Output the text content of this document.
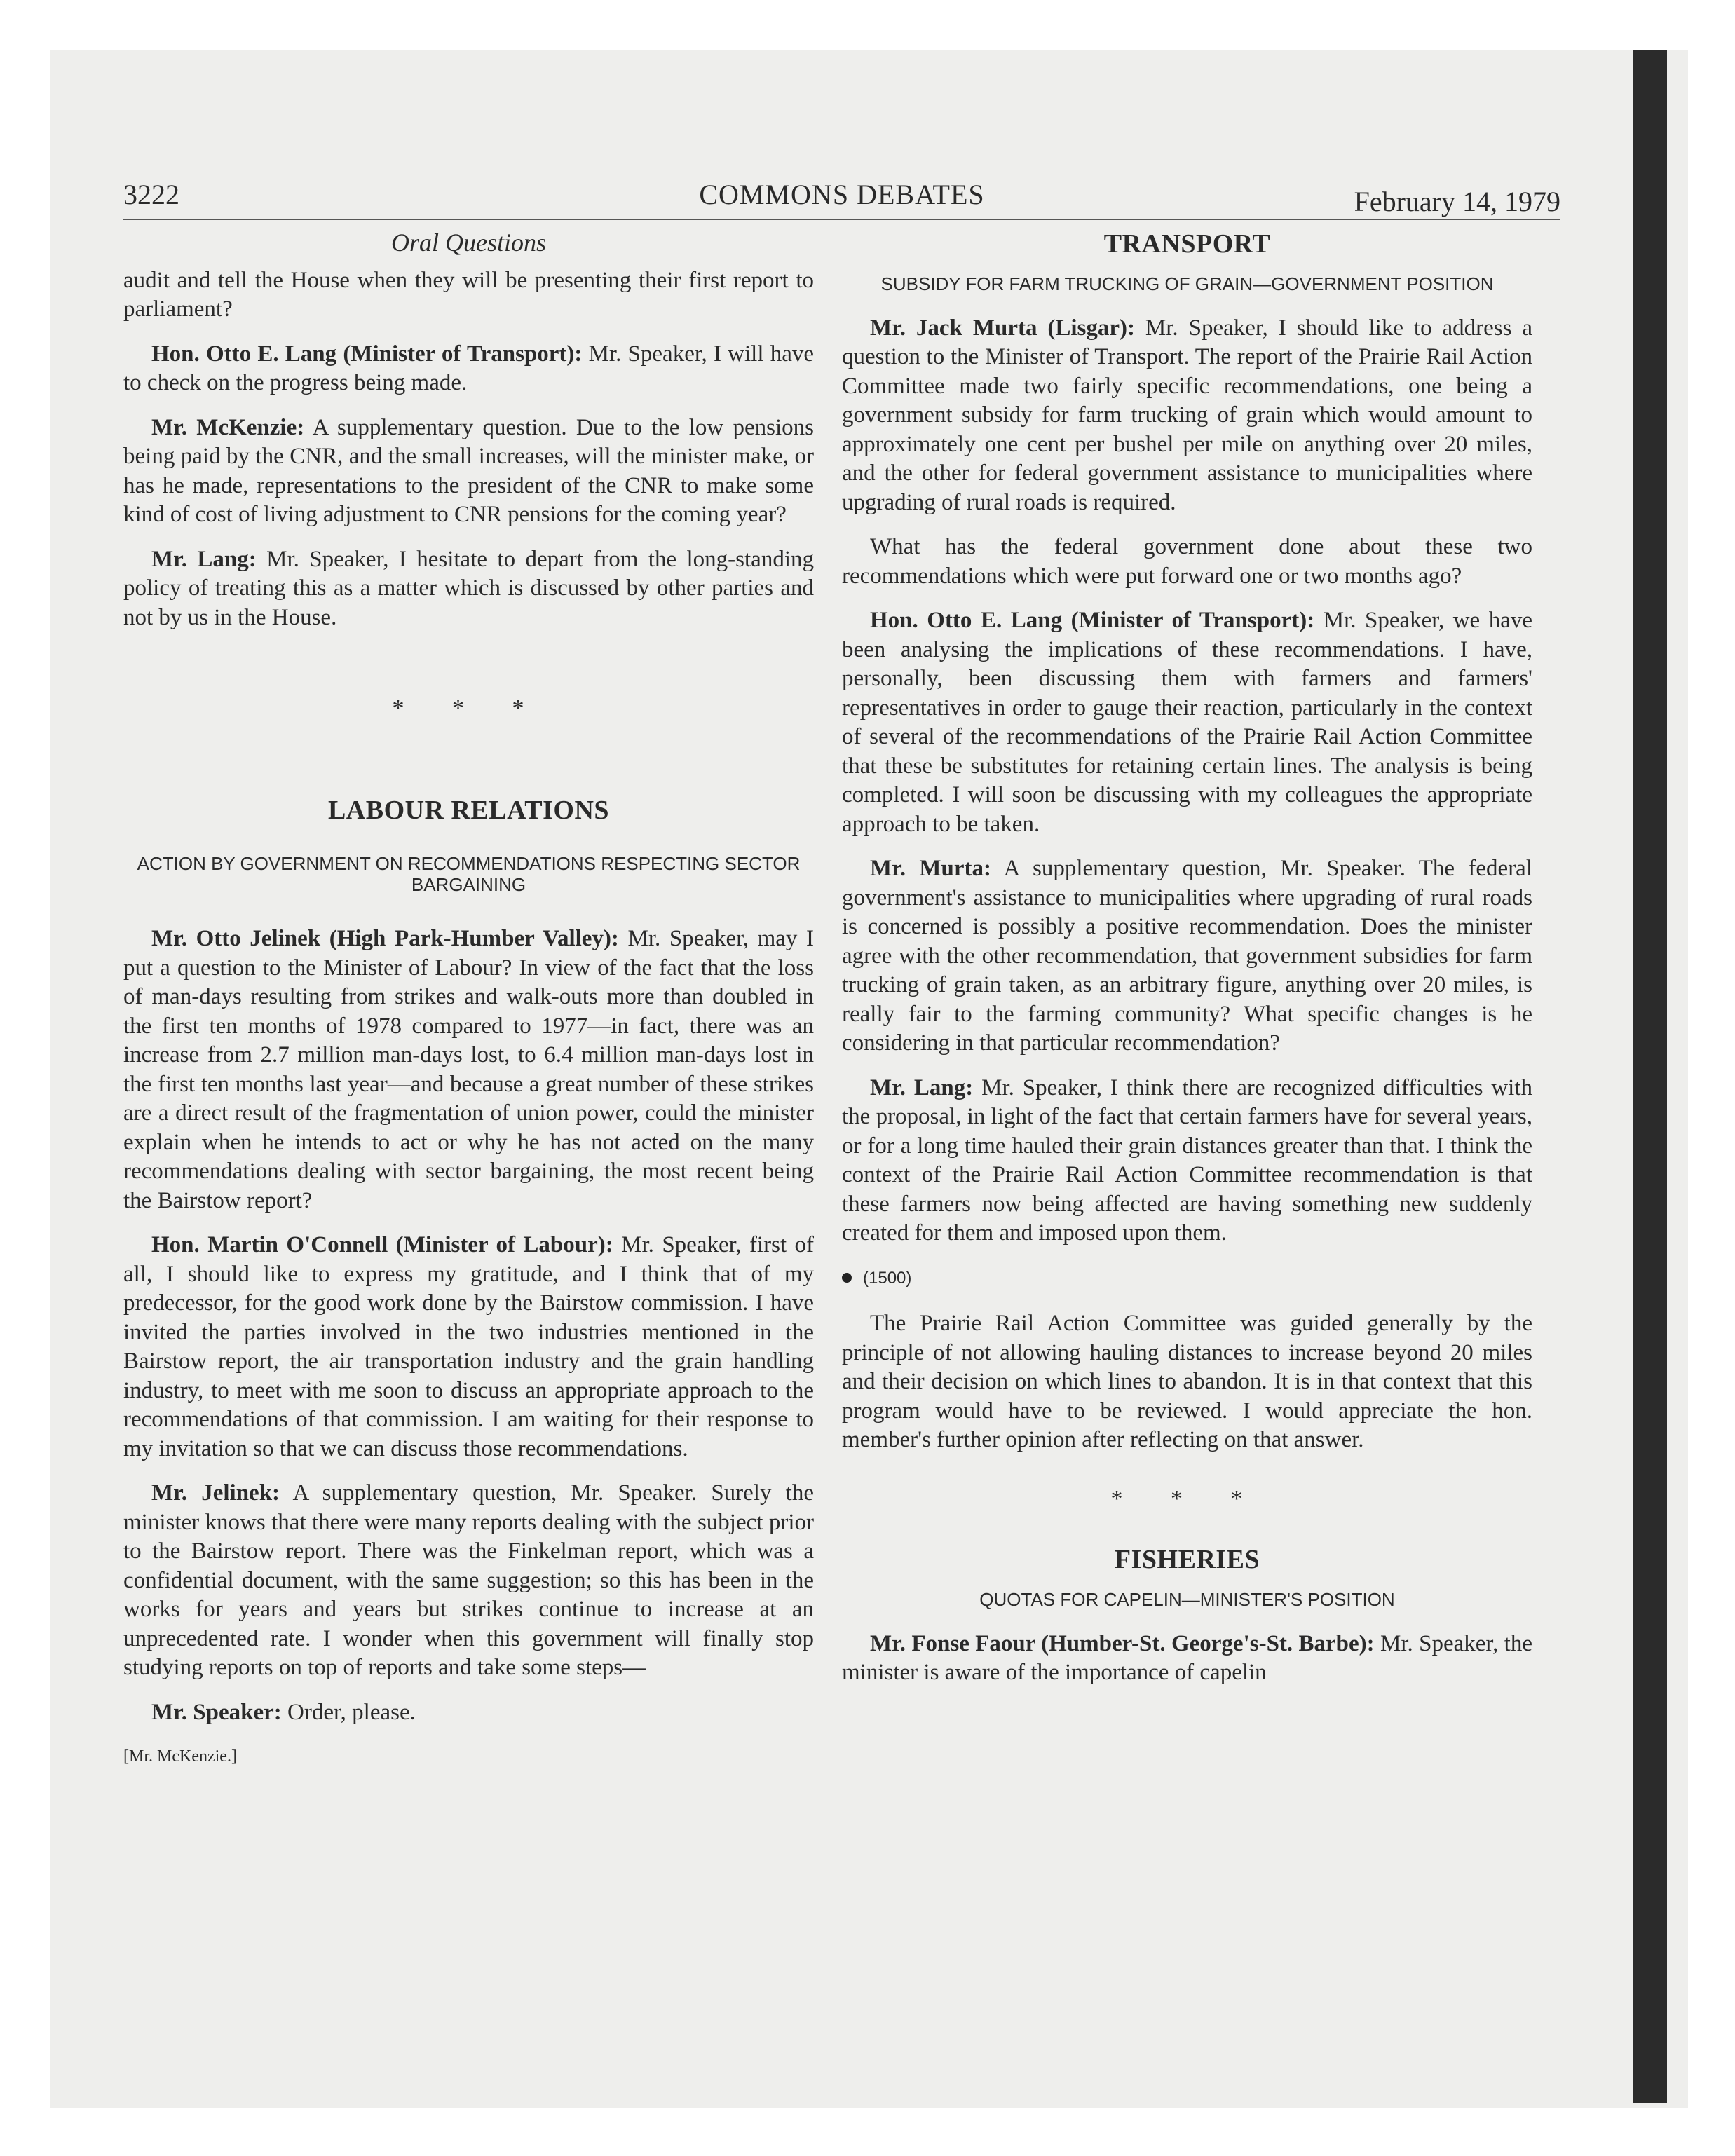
3222	COMMONS DEBATES	February 14, 1979
Oral Questions

audit and tell the House when they will be presenting their first report to parliament?

Hon. Otto E. Lang (Minister of Transport): Mr. Speaker, I will have to check on the progress being made.

Mr. McKenzie: A supplementary question. Due to the low pensions being paid by the CNR, and the small increases, will the minister make, or has he made, representations to the president of the CNR to make some kind of cost of living adjustment to CNR pensions for the coming year?

Mr. Lang: Mr. Speaker, I hesitate to depart from the long-standing policy of treating this as a matter which is discussed by other parties and not by us in the House.

* * *
LABOUR RELATIONS
ACTION BY GOVERNMENT ON RECOMMENDATIONS RESPECTING SECTOR BARGAINING

Mr. Otto Jelinek (High Park-Humber Valley): Mr. Speaker, may I put a question to the Minister of Labour? In view of the fact that the loss of man-days resulting from strikes and walk-outs more than doubled in the first ten months of 1978 compared to 1977—in fact, there was an increase from 2.7 million man-days lost, to 6.4 million man-days lost in the first ten months last year—and because a great number of these strikes are a direct result of the fragmentation of union power, could the minister explain when he intends to act or why he has not acted on the many recommendations dealing with sector bargaining, the most recent being the Bairstow report?

Hon. Martin O'Connell (Minister of Labour): Mr. Speaker, first of all, I should like to express my gratitude, and I think that of my predecessor, for the good work done by the Bairstow commission. I have invited the parties involved in the two industries mentioned in the Bairstow report, the air transportation industry and the grain handling industry, to meet with me soon to discuss an appropriate approach to the recommendations of that commission. I am waiting for their response to my invitation so that we can discuss those recommendations.

Mr. Jelinek: A supplementary question, Mr. Speaker. Surely the minister knows that there were many reports dealing with the subject prior to the Bairstow report. There was the Finkelman report, which was a confidential document, with the same suggestion; so this has been in the works for years and years but strikes continue to increase at an unprecedented rate. I wonder when this government will finally stop studying reports on top of reports and take some steps—

Mr. Speaker: Order, please.

[Mr. McKenzie.]
TRANSPORT
SUBSIDY FOR FARM TRUCKING OF GRAIN—GOVERNMENT POSITION

Mr. Jack Murta (Lisgar): Mr. Speaker, I should like to address a question to the Minister of Transport. The report of the Prairie Rail Action Committee made two fairly specific recommendations, one being a government subsidy for farm trucking of grain which would amount to approximately one cent per bushel per mile on anything over 20 miles, and the other for federal government assistance to municipalities where upgrading of rural roads is required.

What has the federal government done about these two recommendations which were put forward one or two months ago?

Hon. Otto E. Lang (Minister of Transport): Mr. Speaker, we have been analysing the implications of these recommendations. I have, personally, been discussing them with farmers and farmers' representatives in order to gauge their reaction, particularly in the context of several of the recommendations of the Prairie Rail Action Committee that these be substitutes for retaining certain lines. The analysis is being completed. I will soon be discussing with my colleagues the appropriate approach to be taken.

Mr. Murta: A supplementary question, Mr. Speaker. The federal government's assistance to municipalities where upgrading of rural roads is concerned is possibly a positive recommendation. Does the minister agree with the other recommendation, that government subsidies for farm trucking of grain taken, as an arbitrary figure, anything over 20 miles, is really fair to the farming community? What specific changes is he considering in that particular recommendation?

Mr. Lang: Mr. Speaker, I think there are recognized difficulties with the proposal, in light of the fact that certain farmers have for several years, or for a long time hauled their grain distances greater than that. I think the context of the Prairie Rail Action Committee recommendation is that these farmers now being affected are having something new suddenly created for them and imposed upon them.

(1500)

The Prairie Rail Action Committee was guided generally by the principle of not allowing hauling distances to increase beyond 20 miles and their decision on which lines to abandon. It is in that context that this program would have to be reviewed. I would appreciate the hon. member's further opinion after reflecting on that answer.

* * *
FISHERIES
QUOTAS FOR CAPELIN—MINISTER'S POSITION

Mr. Fonse Faour (Humber-St. George's-St. Barbe): Mr. Speaker, the minister is aware of the importance of capelin
